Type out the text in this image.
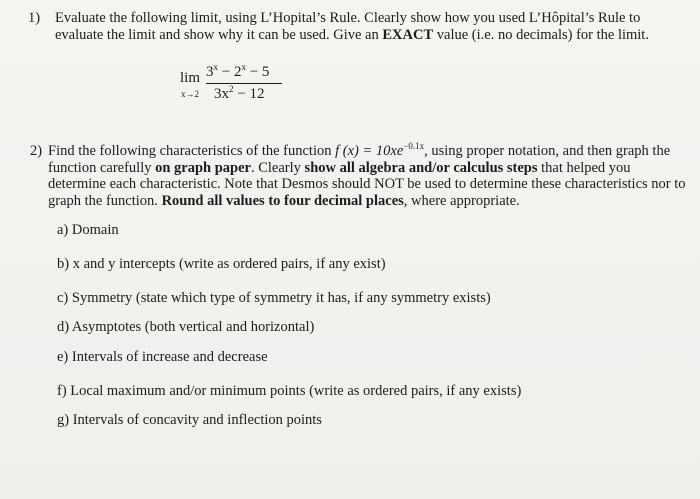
1) Evaluate the following limit, using L’Hopital’s Rule. Clearly show how you used L’Hôpital’s Rule to
evaluate the limit and show why it can be used. Give an EXACT value (i.e. no decimals) for the limit.
lim
x→2
$3^x - 2^x - 5$
$3x^2 - 12$
2) Find the following characteristics of the function f $(x) = 10xe^{-0.1x}$, using proper notation, and then graph the
function carefully on graph paper. Clearly show all algebra and/or calculus steps that helped you
determine each characteristic. Note that Desmos should NOT be used to determine these characteristics nor to
graph the function. Round all values to four decimal places, where appropriate.
a) Domain
b) x and y intercepts (write as ordered pairs, if any exist)
c) Symmetry (state which type of symmetry it has, if any symmetry exists)
d) Asymptotes (both vertical and horizontal)
e) Intervals of increase and decrease
f) Local maximum and/or minimum points (write as ordered pairs, if any exists)
g) Intervals of concavity and inflection points
